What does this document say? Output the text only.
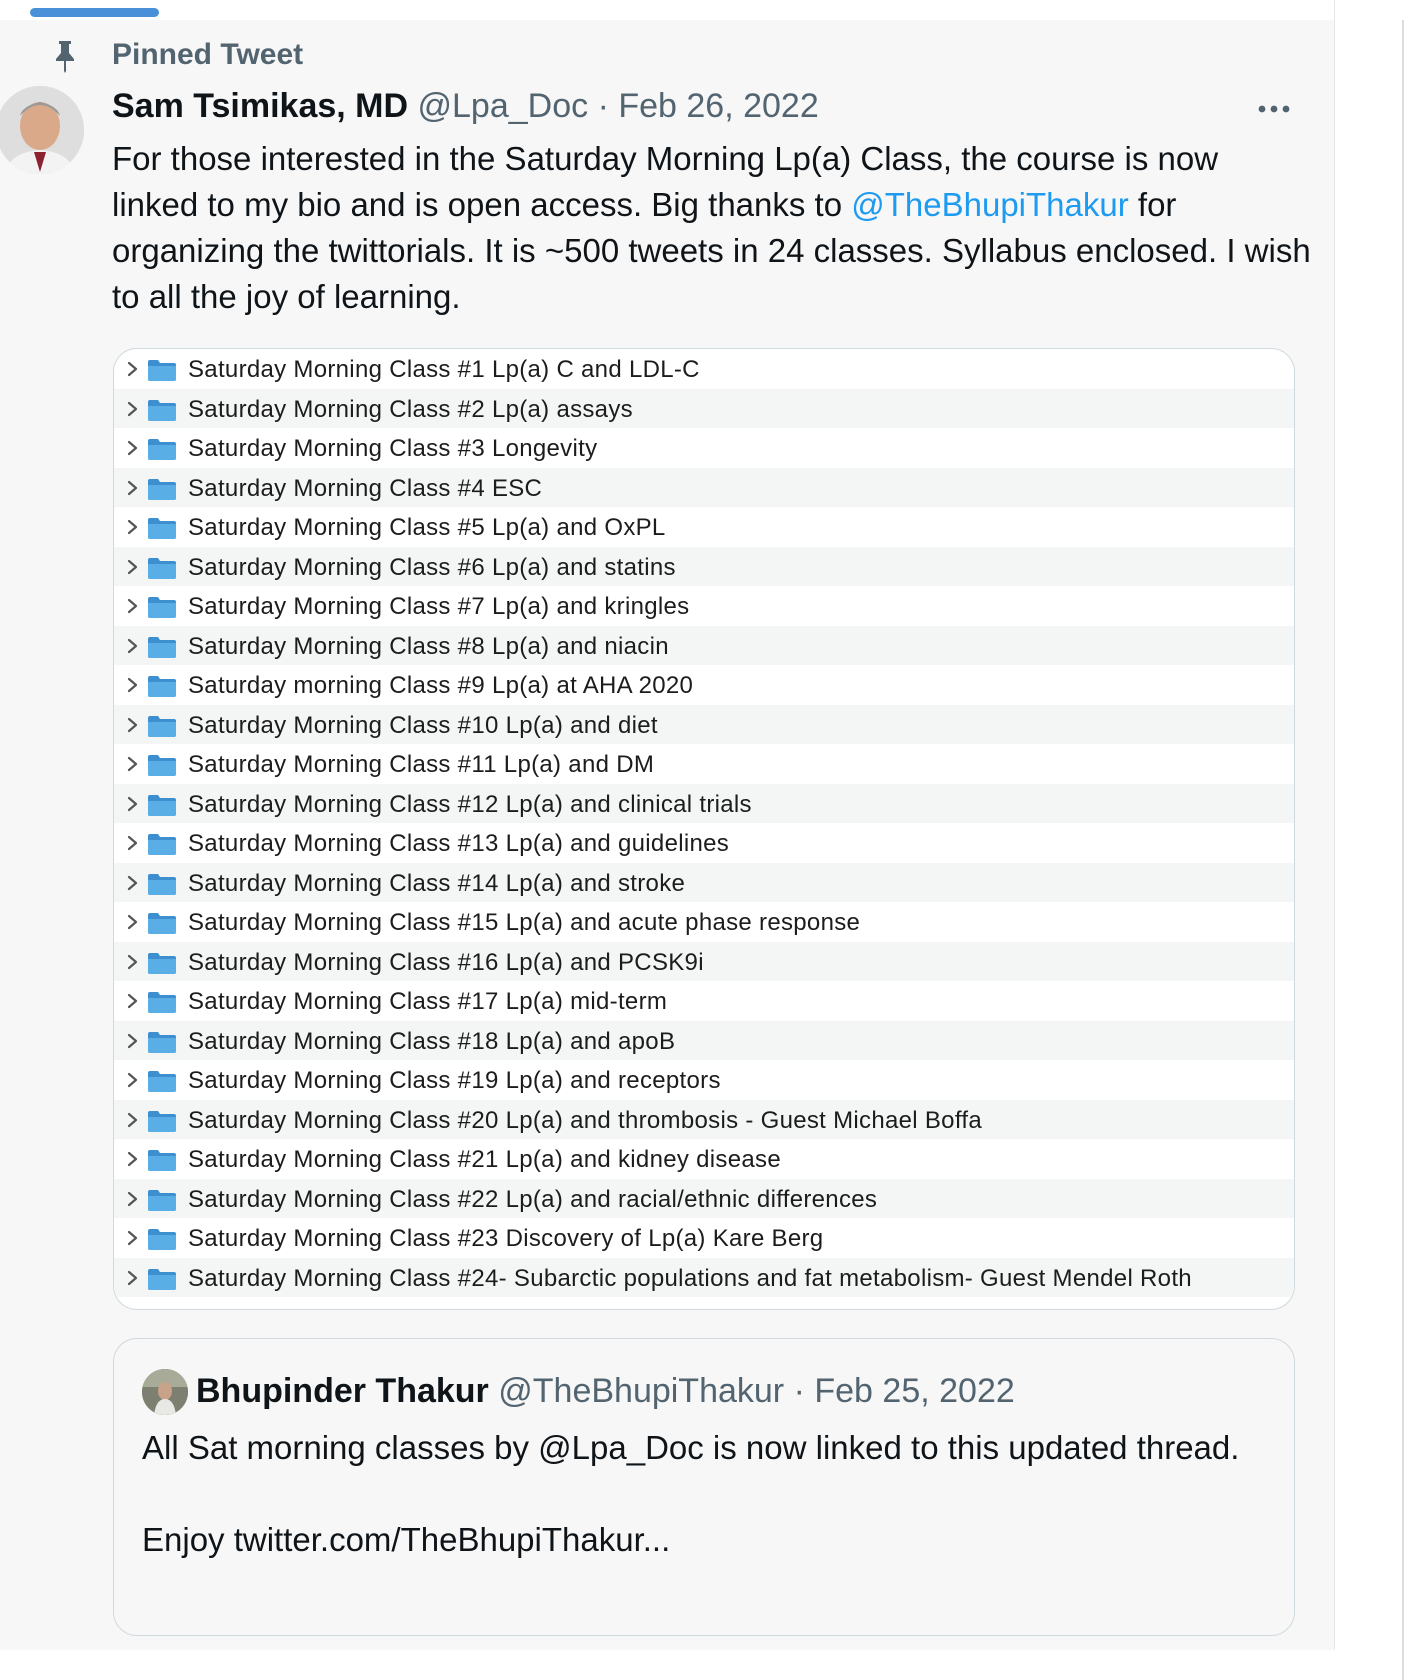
Pinned Tweet
Sam Tsimikas, MD @Lpa_Doc · Feb 26, 2022
For those interested in the Saturday Morning Lp(a) Class, the course is now linked to my bio and is open access. Big thanks to @TheBhupiThakur for organizing the twittorials. It is ~500 tweets in 24 classes. Syllabus enclosed. I wish to all the joy of learning.
Saturday Morning Class #1 Lp(a) C and LDL-C
Saturday Morning Class #2 Lp(a) assays
Saturday Morning Class #3 Longevity
Saturday Morning Class #4 ESC
Saturday Morning Class #5 Lp(a) and OxPL
Saturday Morning Class #6 Lp(a) and statins
Saturday Morning Class #7 Lp(a) and kringles
Saturday Morning Class #8 Lp(a) and niacin
Saturday morning Class #9 Lp(a) at AHA 2020
Saturday Morning Class #10 Lp(a) and diet
Saturday Morning Class #11 Lp(a) and DM
Saturday Morning Class #12 Lp(a) and clinical trials
Saturday Morning Class #13 Lp(a) and guidelines
Saturday Morning Class #14 Lp(a) and stroke
Saturday Morning Class #15 Lp(a) and acute phase response
Saturday Morning Class #16 Lp(a) and PCSK9i
Saturday Morning Class #17 Lp(a) mid-term
Saturday Morning Class #18 Lp(a) and apoB
Saturday Morning Class #19 Lp(a) and receptors
Saturday Morning Class #20 Lp(a) and thrombosis - Guest Michael Boffa
Saturday Morning Class #21 Lp(a) and kidney disease
Saturday Morning Class #22 Lp(a) and racial/ethnic differences
Saturday Morning Class #23 Discovery of Lp(a) Kare Berg
Saturday Morning Class #24- Subarctic populations and fat metabolism- Guest Mendel Roth
Bhupinder Thakur @TheBhupiThakur · Feb 25, 2022
All Sat morning classes by @Lpa_Doc is now linked to this updated thread.
Enjoy twitter.com/TheBhupiThakur...
